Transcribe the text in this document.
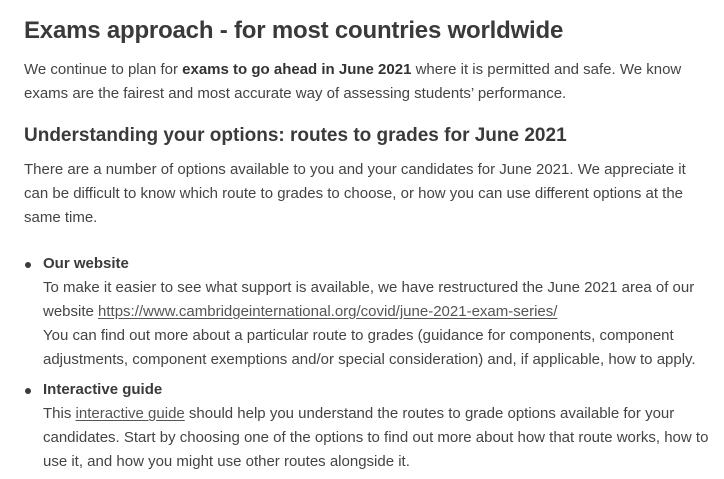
Exams approach - for most countries worldwide

We continue to plan for exams to go ahead in June 2021 where it is permitted and safe. We know exams are the fairest and most accurate way of assessing students’ performance.

Understanding your options: routes to grades for June 2021

There are a number of options available to you and your candidates for June 2021. We appreciate it can be difficult to know which route to grades to choose, or how you can use different options at the same time.

Our website
To make it easier to see what support is available, we have restructured the June 2021 area of our website https://www.cambridgeinternational.org/covid/june-2021-exam-series/
You can find out more about a particular route to grades (guidance for components, component adjustments, component exemptions and/or special consideration) and, if applicable, how to apply.
Interactive guide
This interactive guide should help you understand the routes to grade options available for your candidates. Start by choosing one of the options to find out more about how that route works, how to use it, and how you might use other routes alongside it.
